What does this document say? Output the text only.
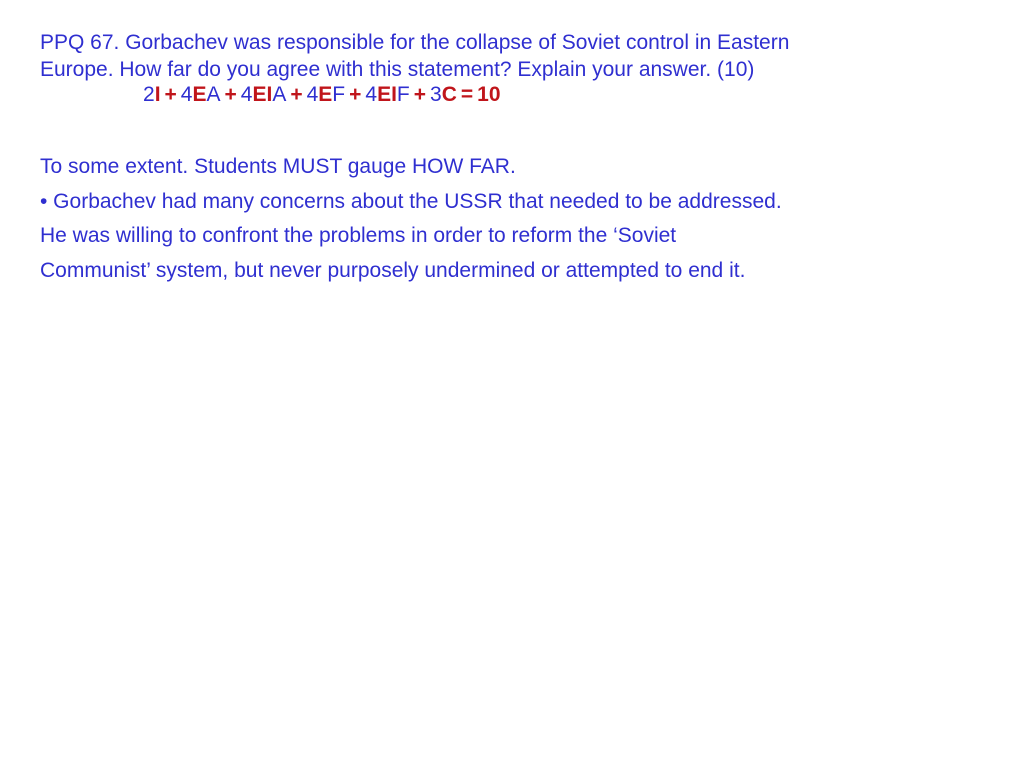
PPQ 67. Gorbachev was responsible for the collapse of Soviet control in Eastern

Europe. How far do you agree with this statement? Explain your answer. (10)

2I + 4EA + 4EIA + 4EF + 4EIF + 3C = 10

To some extent. Students MUST gauge HOW FAR.

• Gorbachev had many concerns about the USSR that needed to be addressed.

He was willing to confront the problems in order to reform the ‘Soviet

Communist’ system, but never purposely undermined or attempted to end it.
